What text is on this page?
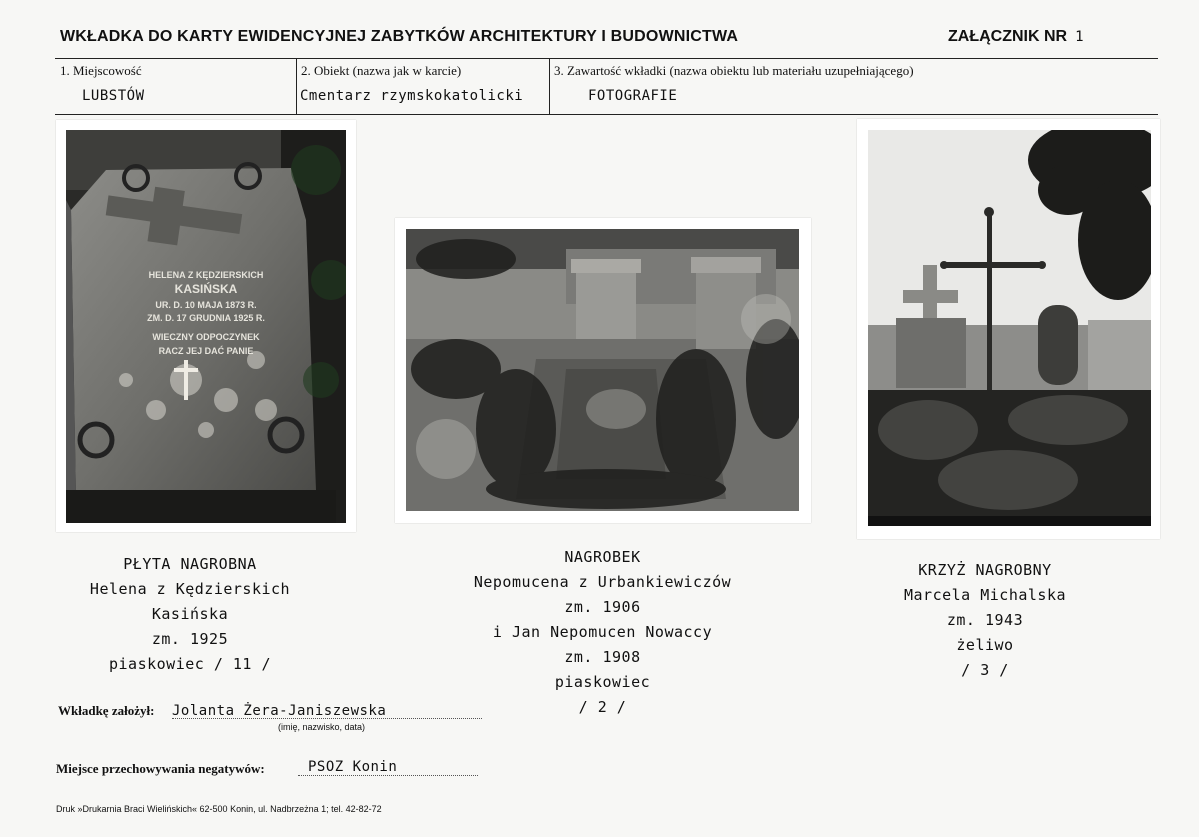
WKŁADKA DO KARTY EWIDENCYJNEJ ZABYTKÓW ARCHITEKTURY I BUDOWNICTWA	ZAŁĄCZNIK NR 1
1. Miejscowość
LUBSTÓW
2. Obiekt (nazwa jak w karcie)
Cmentarz rzymskokatolicki
3. Zawartość wkładki (nazwa obiektu lub materiału uzupełniającego)
FOTOGRAFIE
HELENA Z KĘDZIERSKICH
KASIŃSKA
UR. D. 10 MAJA 1873 R.
ZM. D. 17 GRUDNIA 1925 R.
WIECZNY ODPOCZYNEK
RACZ JEJ DAĆ PANIE
PŁYTA NAGROBNA
Helena z Kędzierskich
Kasińska
zm. 1925
piaskowiec / 11 /
NAGROBEK
Nepomucena z Urbankiewiczów
zm. 1906
i Jan Nepomucen Nowaccy
zm. 1908
piaskowiec
/ 2 /
KRZYŻ NAGROBNY
Marcela Michalska
zm. 1943
żeliwo
/ 3 /
Wkładkę założył: Jolanta Żera-Janiszewska
(imię, nazwisko, data)
Miejsce przechowywania negatywów:	PSOZ Konin
Druk »Drukarnia Braci Wielińskich« 62-500 Konin, ul. Nadbrzeżna 1; tel. 42-82-72
